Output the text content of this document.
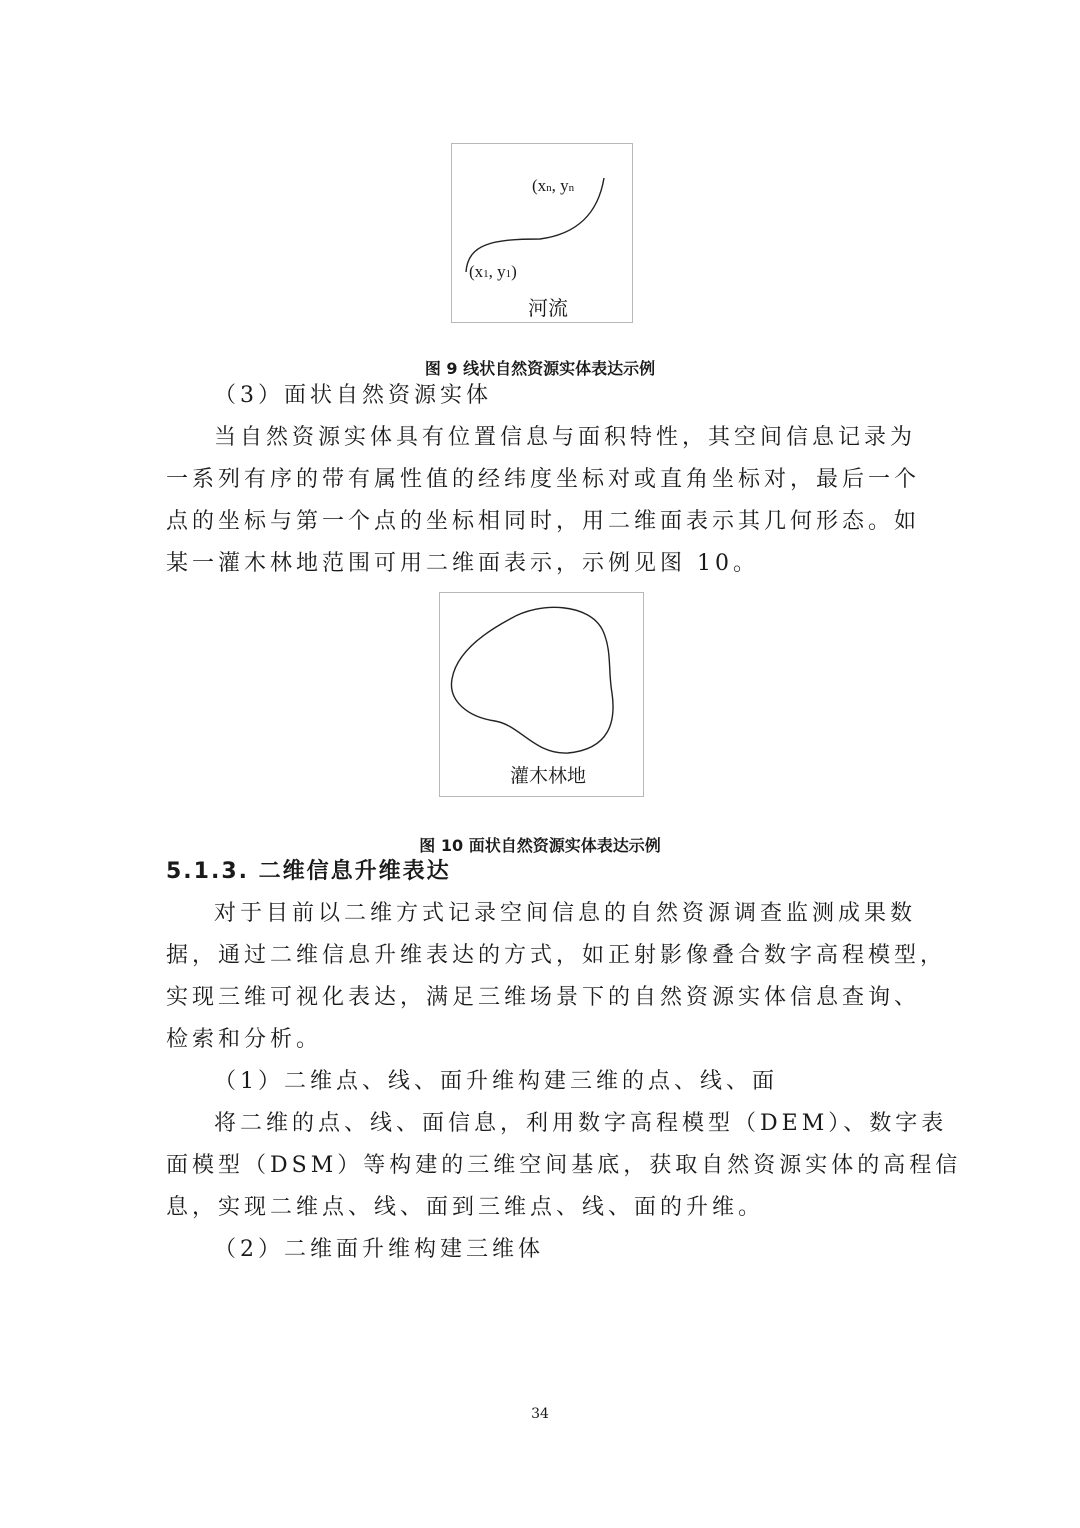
(xn, yn
(x1, y1)
河流
图 9 线状自然资源实体表达示例
（3）面状自然资源实体
当自然资源实体具有位置信息与面积特性，其空间信息记录为
一系列有序的带有属性值的经纬度坐标对或直角坐标对，最后一个
点的坐标与第一个点的坐标相同时，用二维面表示其几何形态。如
某一灌木林地范围可用二维面表示，示例见图 10。
灌木林地
图 10 面状自然资源实体表达示例
5.1.3. 二维信息升维表达
对于目前以二维方式记录空间信息的自然资源调查监测成果数
据，通过二维信息升维表达的方式，如正射影像叠合数字高程模型，
实现三维可视化表达，满足三维场景下的自然资源实体信息查询、
检索和分析。
（1）二维点、线、面升维构建三维的点、线、面
将二维的点、线、面信息，利用数字高程模型（DEM）、数字表
面模型（DSM）等构建的三维空间基底，获取自然资源实体的高程信
息，实现二维点、线、面到三维点、线、面的升维。
（2）二维面升维构建三维体
34
